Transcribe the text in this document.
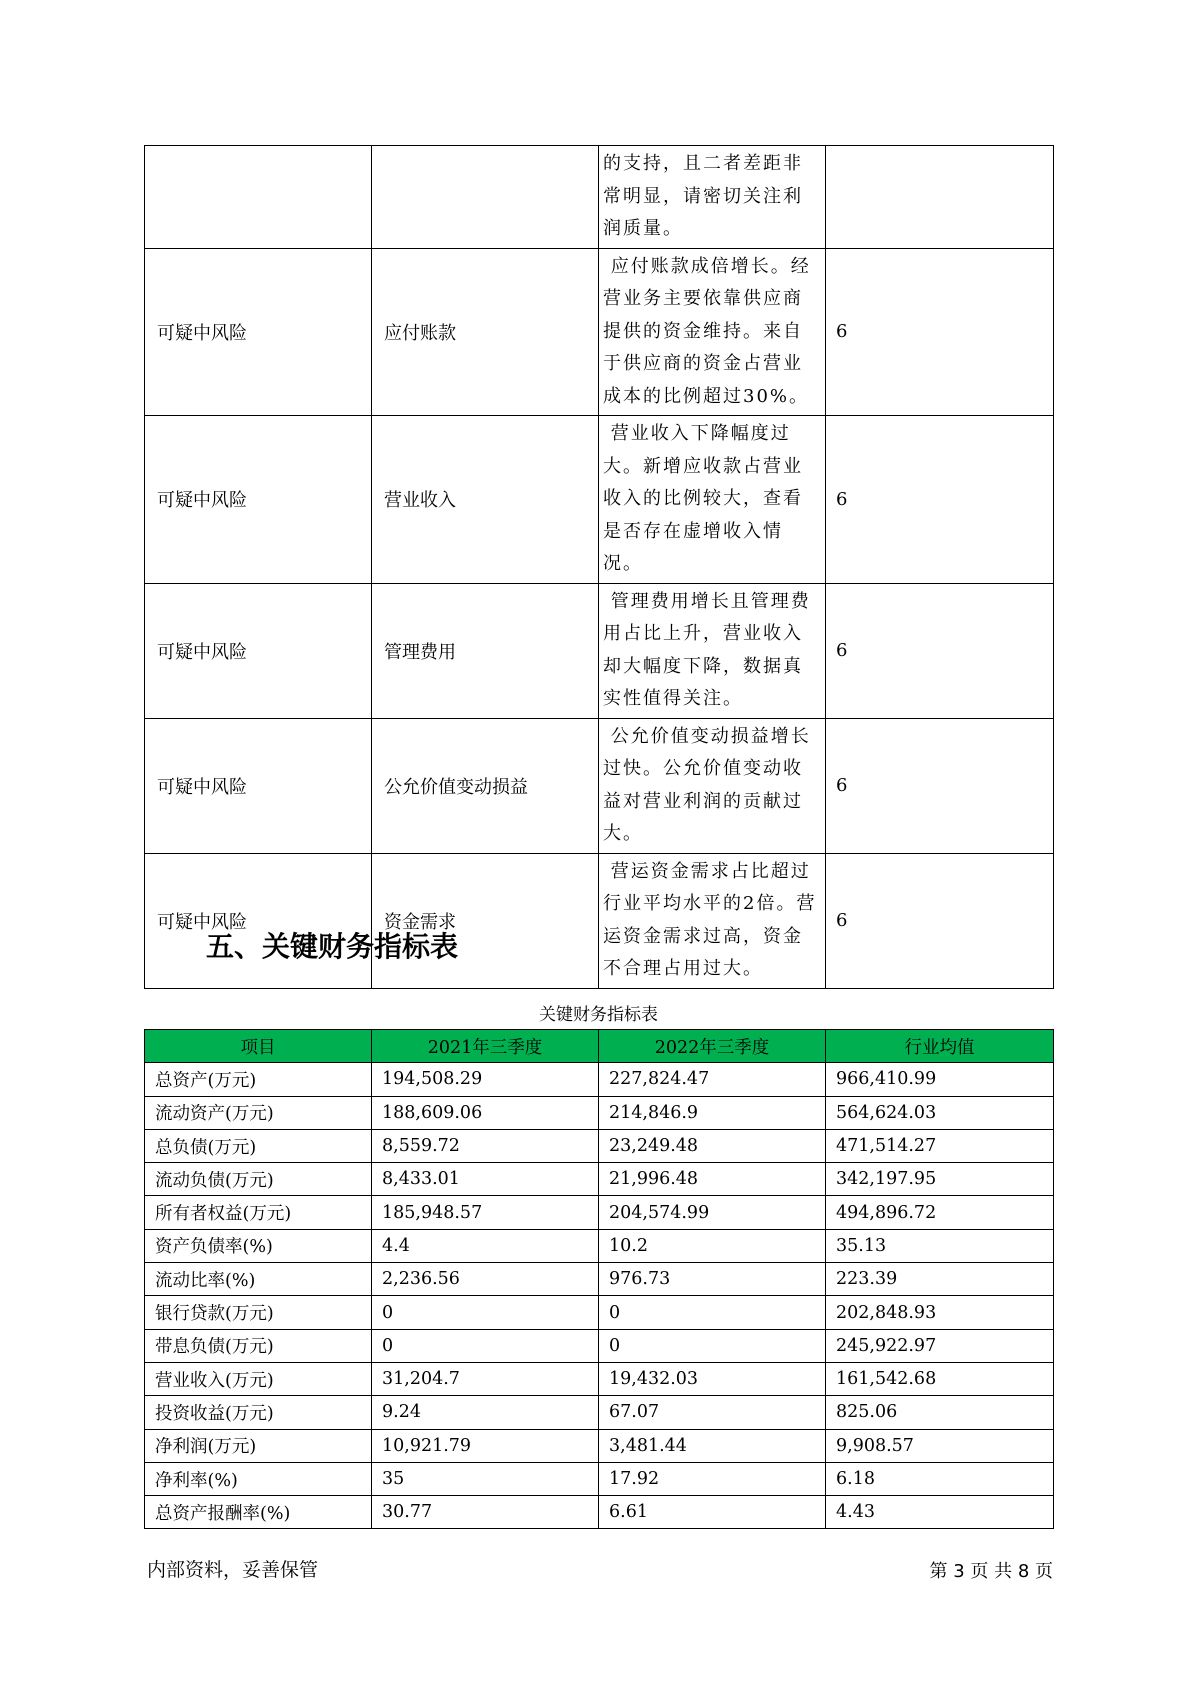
		的支持，且二者差距非常明显，请密切关注利润质量。	
可疑中风险	应付账款	应付账款成倍增长。经营业务主要依靠供应商提供的资金维持。来自于供应商的资金占营业成本的比例超过30%。	6
可疑中风险	营业收入	营业收入下降幅度过大。新增应收款占营业收入的比例较大，查看是否存在虚增收入情况。	6
可疑中风险	管理费用	管理费用增长且管理费用占比上升，营业收入却大幅度下降，数据真实性值得关注。	6
可疑中风险	公允价值变动损益	公允价值变动损益增长过快。公允价值变动收益对营业利润的贡献过大。	6
可疑中风险	资金需求	营运资金需求占比超过行业平均水平的2倍。营运资金需求过高，资金不合理占用过大。	6
五、关键财务指标表
关键财务指标表
项目	2021年三季度	2022年三季度	行业均值
总资产(万元)	194,508.29	227,824.47	966,410.99
流动资产(万元)	188,609.06	214,846.9	564,624.03
总负债(万元)	8,559.72	23,249.48	471,514.27
流动负债(万元)	8,433.01	21,996.48	342,197.95
所有者权益(万元)	185,948.57	204,574.99	494,896.72
资产负债率(%)	4.4	10.2	35.13
流动比率(%)	2,236.56	976.73	223.39
银行贷款(万元)	0	0	202,848.93
带息负债(万元)	0	0	245,922.97
营业收入(万元)	31,204.7	19,432.03	161,542.68
投资收益(万元)	9.24	67.07	825.06
净利润(万元)	10,921.79	3,481.44	9,908.57
净利率(%)	35	17.92	6.18
总资产报酬率(%)	30.77	6.61	4.43
内部资料，妥善保管	第 3 页 共 8 页
